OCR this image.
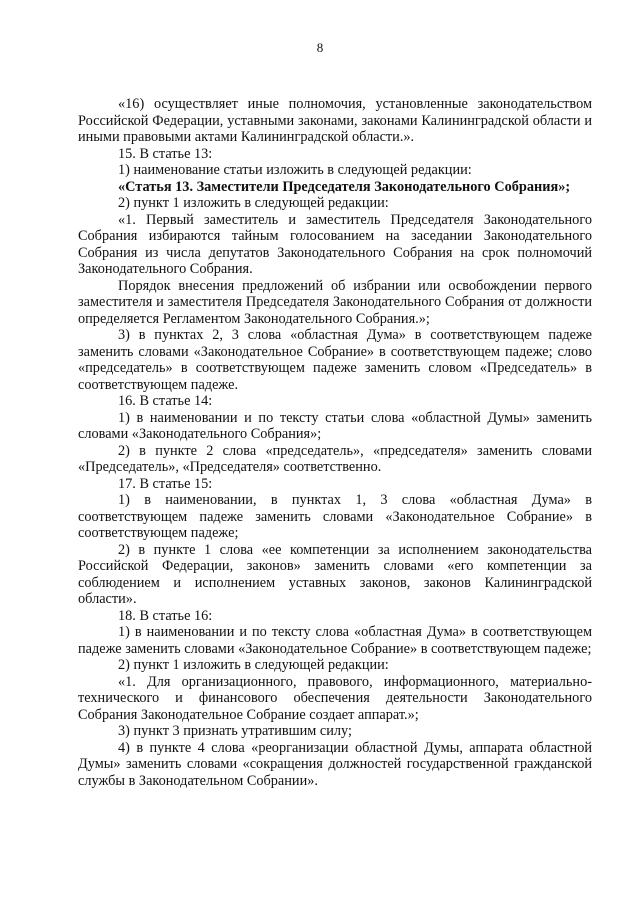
8

«16) осуществляет иные полномочия, установленные законодательством Российской Федерации, уставными законами, законами Калининградской области и иными правовыми актами Калининградской области.».

15. В статье 13:

1) наименование статьи изложить в следующей редакции:

«Статья 13. Заместители Председателя Законодательного Собрания»;

2) пункт 1 изложить в следующей редакции:

«1. Первый заместитель и заместитель Председателя Законодательного Собрания избираются тайным голосованием на заседании Законодательного Собрания из числа депутатов Законодательного Собрания на срок полномочий Законодательного Собрания.

Порядок внесения предложений об избрании или освобождении первого заместителя и заместителя Председателя Законодательного Собрания от должности определяется Регламентом Законодательного Собрания.»;

3) в пунктах 2, 3 слова «областная Дума» в соответствующем падеже заменить словами «Законодательное Собрание» в соответствующем падеже; слово «председатель» в соответствующем падеже заменить словом «Председатель» в соответствующем падеже.

16. В статье 14:

1) в наименовании и по тексту статьи слова «областной Думы» заменить словами «Законодательного Собрания»;

2) в пункте 2 слова «председатель», «председателя» заменить словами «Председатель», «Председателя» соответственно.

17. В статье 15:

1) в наименовании, в пунктах 1, 3 слова «областная Дума» в соответствующем падеже заменить словами «Законодательное Собрание» в соответствующем падеже;

2) в пункте 1 слова «ее компетенции за исполнением законодательства Российской Федерации, законов» заменить словами «его компетенции за соблюдением и исполнением уставных законов, законов Калининградской области».

18. В статье 16:

1) в наименовании и по тексту слова «областная Дума» в соответствующем падеже заменить словами «Законодательное Собрание» в соответствующем падеже;

2) пункт 1 изложить в следующей редакции:

«1. Для организационного, правового, информационного, материально-технического и финансового обеспечения деятельности Законодательного Собрания Законодательное Собрание создает аппарат.»;

3) пункт 3 признать утратившим силу;

4) в пункте 4 слова «реорганизации областной Думы, аппарата областной Думы» заменить словами «сокращения должностей государственной гражданской службы в Законодательном Собрании».
